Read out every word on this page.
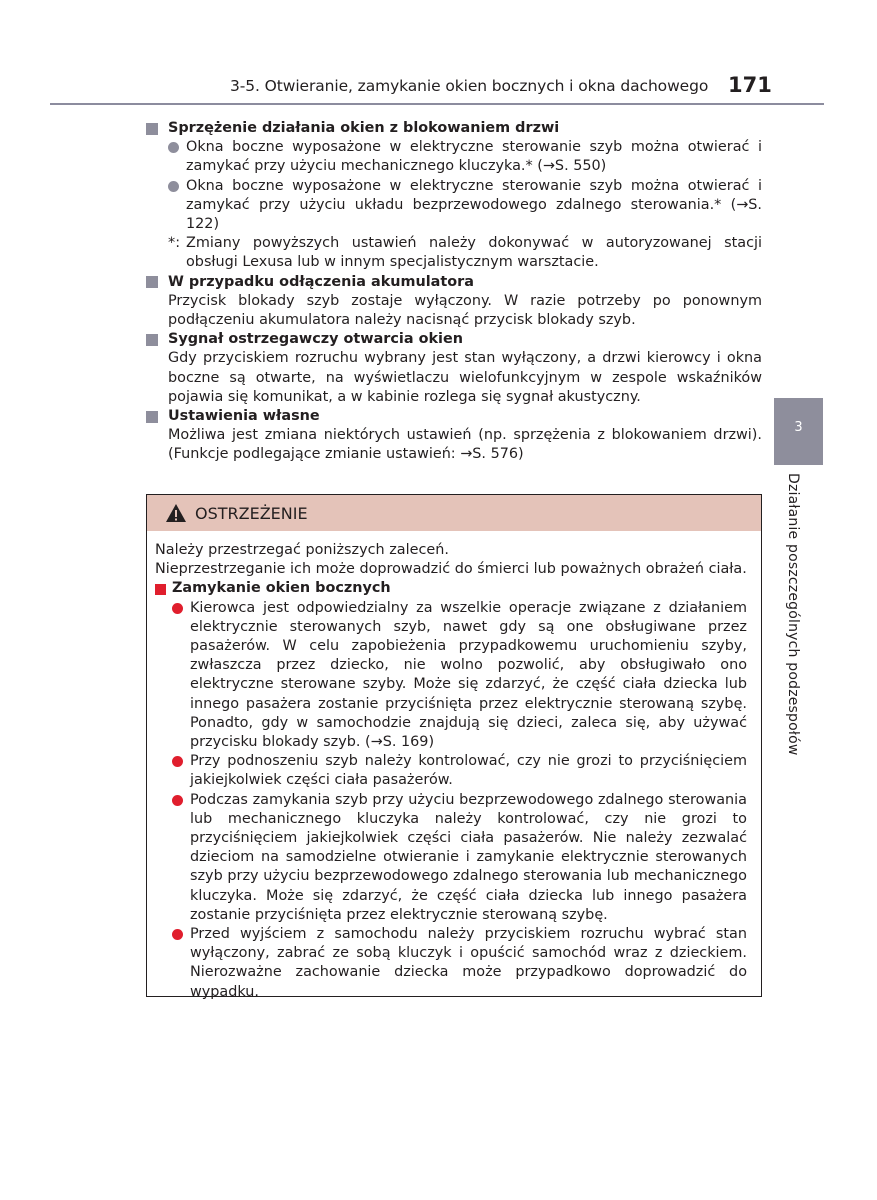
3-5. Otwieranie, zamykanie okien bocznych i okna dachowego 171
3
Działanie poszczególnych podzespołów
Sprzężenie działania okien z blokowaniem drzwi
Okna boczne wyposażone w elektryczne sterowanie szyb można otwierać i zamykać przy użyciu mechanicznego kluczyka.* (→S. 550)
Okna boczne wyposażone w elektryczne sterowanie szyb można otwierać i zamykać przy użyciu układu bezprzewodowego zdalnego sterowania.* (→S. 122)
*: Zmiany powyższych ustawień należy dokonywać w autoryzowanej stacji obsługi Lexusa lub w innym specjalistycznym warsztacie.
W przypadku odłączenia akumulatora
Przycisk blokady szyb zostaje wyłączony. W razie potrzeby po ponownym podłączeniu akumulatora należy nacisnąć przycisk blokady szyb.
Sygnał ostrzegawczy otwarcia okien
Gdy przyciskiem rozruchu wybrany jest stan wyłączony, a drzwi kierowcy i okna boczne są otwarte, na wyświetlaczu wielofunkcyjnym w zespole wskaźników pojawia się komunikat, a w kabinie rozlega się sygnał akustyczny.
Ustawienia własne
Możliwa jest zmiana niektórych ustawień (np. sprzężenia z blokowaniem drzwi). (Funkcje podlegające zmianie ustawień: →S. 576)
OSTRZEŻENIE
Należy przestrzegać poniższych zaleceń.
Nieprzestrzeganie ich może doprowadzić do śmierci lub poważnych obrażeń ciała.
Zamykanie okien bocznych
Kierowca jest odpowiedzialny za wszelkie operacje związane z działaniem elektrycznie sterowanych szyb, nawet gdy są one obsługiwane przez pasażerów. W celu zapobieżenia przypadkowemu uruchomieniu szyby, zwłaszcza przez dziecko, nie wolno pozwolić, aby obsługiwało ono elektryczne sterowane szyby. Może się zdarzyć, że część ciała dziecka lub innego pasażera zostanie przyciśnięta przez elektrycznie sterowaną szybę. Ponadto, gdy w samochodzie znajdują się dzieci, zaleca się, aby używać przycisku blokady szyb. (→S. 169)
Przy podnoszeniu szyb należy kontrolować, czy nie grozi to przyciśnięciem jakiejkolwiek części ciała pasażerów.
Podczas zamykania szyb przy użyciu bezprzewodowego zdalnego sterowania lub mechanicznego kluczyka należy kontrolować, czy nie grozi to przyciśnięciem jakiejkolwiek części ciała pasażerów. Nie należy zezwalać dzieciom na samodzielne otwieranie i zamykanie elektrycznie sterowanych szyb przy użyciu bezprzewodowego zdalnego sterowania lub mechanicznego kluczyka. Może się zdarzyć, że część ciała dziecka lub innego pasażera zostanie przyciśnięta przez elektrycznie sterowaną szybę.
Przed wyjściem z samochodu należy przyciskiem rozruchu wybrać stan wyłączony, zabrać ze sobą kluczyk i opuścić samochód wraz z dzieckiem. Nierozważne zachowanie dziecka może przypadkowo doprowadzić do wypadku.
